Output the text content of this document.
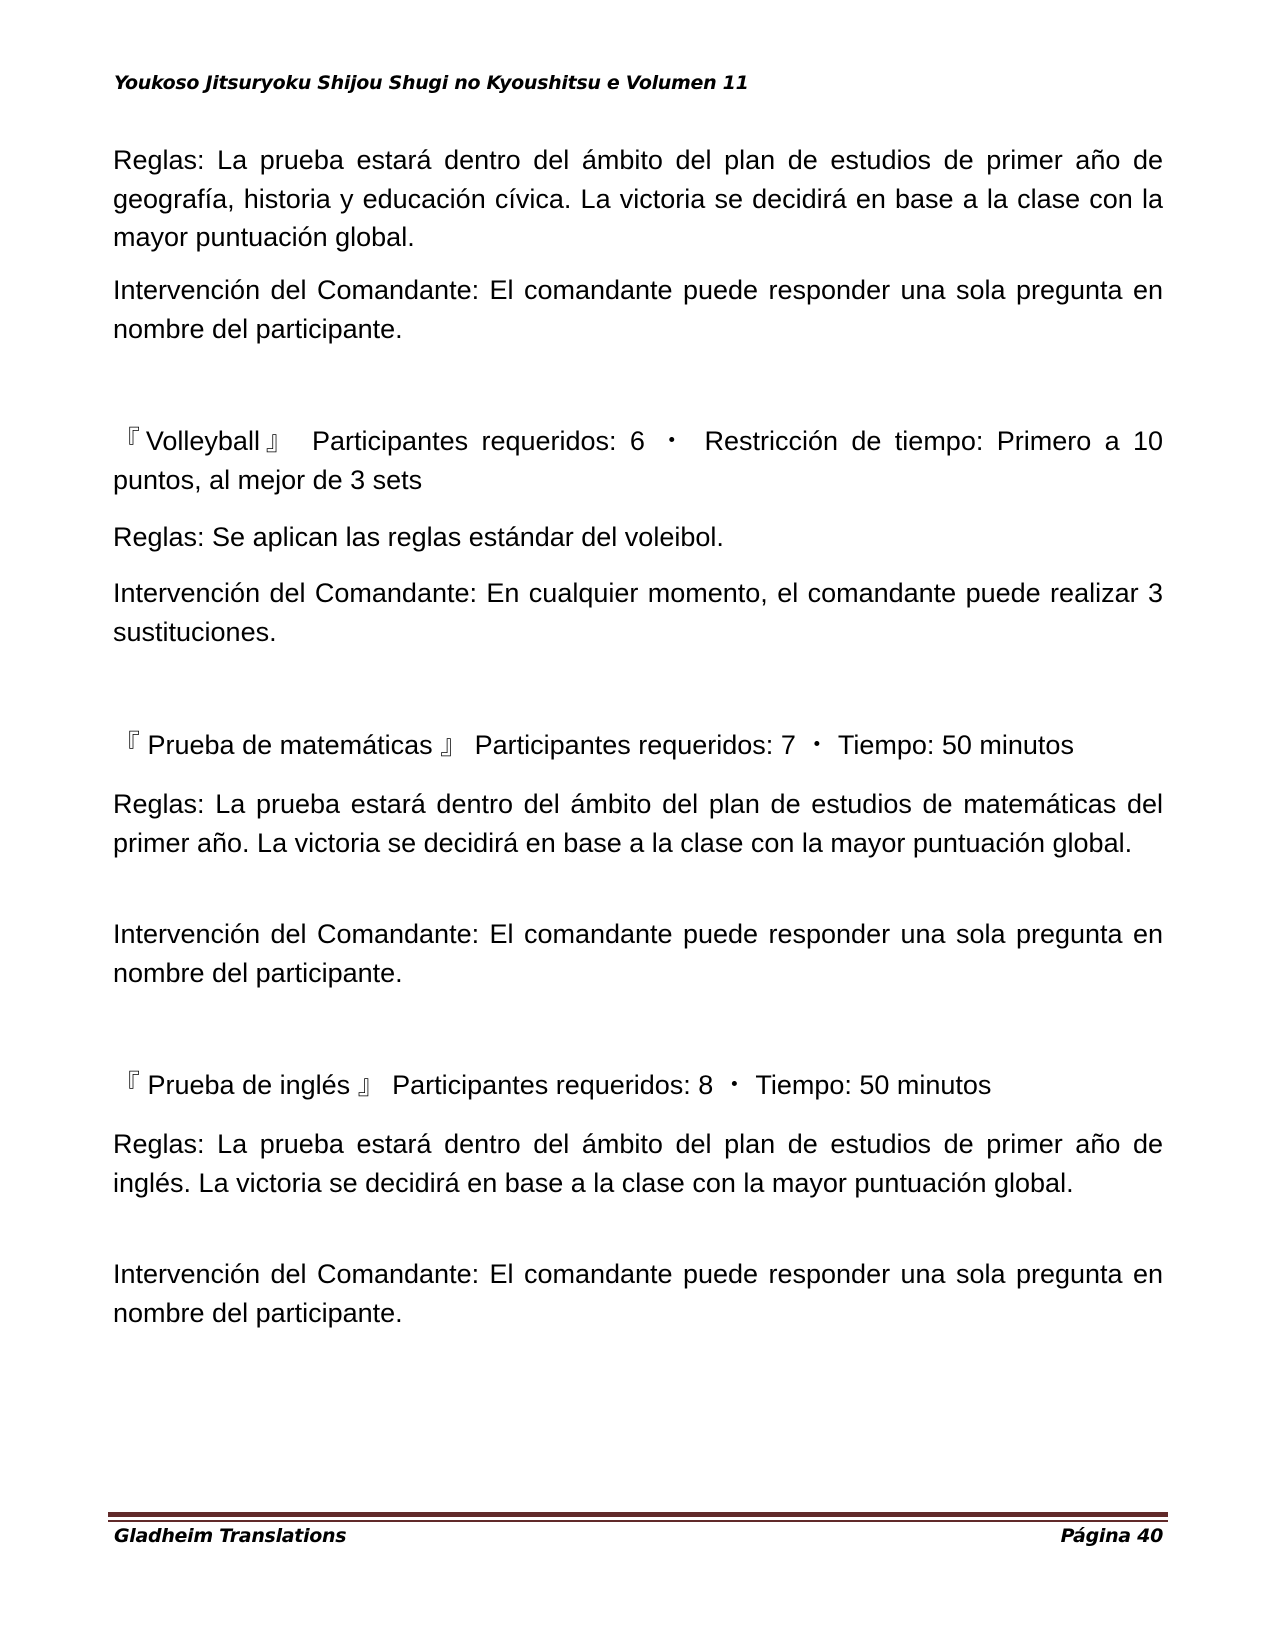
Youkoso Jitsuryoku Shijou Shugi no Kyoushitsu e Volumen 11

Reglas: La prueba estará dentro del ámbito del plan de estudios de primer año de geografía, historia y educación cívica. La victoria se decidirá en base a la clase con la mayor puntuación global.

Intervención del Comandante: El comandante puede responder una sola pregunta en nombre del participante.

『Volleyball』 Participantes requeridos: 6 ・ Restricción de tiempo: Primero a 10 puntos, al mejor de 3 sets

Reglas: Se aplican las reglas estándar del voleibol.

Intervención del Comandante: En cualquier momento, el comandante puede realizar 3 sustituciones.

『 Prueba de matemáticas 』 Participantes requeridos: 7 ・ Tiempo: 50 minutos

Reglas: La prueba estará dentro del ámbito del plan de estudios de matemáticas del primer año. La victoria se decidirá en base a la clase con la mayor puntuación global.

Intervención del Comandante: El comandante puede responder una sola pregunta en nombre del participante.

『 Prueba de inglés 』 Participantes requeridos: 8 ・ Tiempo: 50 minutos

Reglas: La prueba estará dentro del ámbito del plan de estudios de primer año de inglés. La victoria se decidirá en base a la clase con la mayor puntuación global.

Intervención del Comandante: El comandante puede responder una sola pregunta en nombre del participante.

Gladheim Translations	Página 40
